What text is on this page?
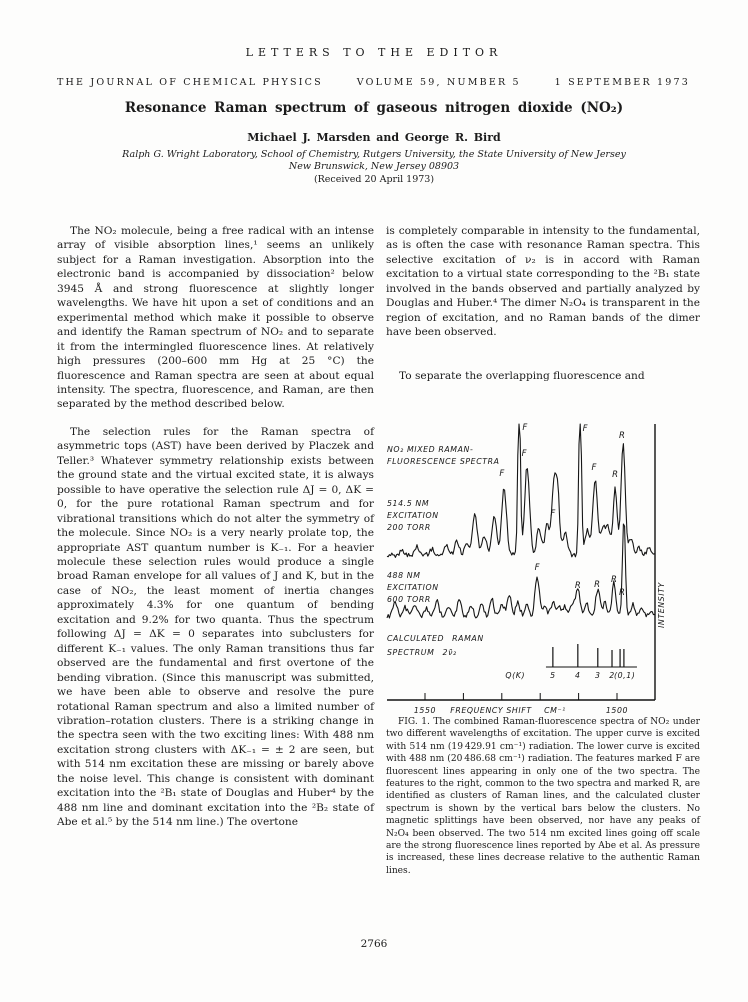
LETTERS TO THE EDITOR
THE JOURNAL OF CHEMICAL PHYSICS	VOLUME 59, NUMBER 5	1 SEPTEMBER 1973
Resonance Raman spectrum of gaseous nitrogen dioxide (NO₂)
Michael J. Marsden and George R. Bird
Ralph G. Wright Laboratory, School of Chemistry, Rutgers University, the State University of New Jersey
New Brunswick, New Jersey 08903
(Received 20 April 1973)

The NO₂ molecule, being a free radical with an intense array of visible absorption lines,¹ seems an unlikely subject for a Raman investigation. Absorption into the electronic band is accompanied by dissociation² below 3945 Å and strong fluorescence at slightly longer wavelengths. We have hit upon a set of conditions and an experimental method which make it possible to observe and identify the Raman spectrum of NO₂ and to separate it from the intermingled fluorescence lines. At relatively high pressures (200–600 mm Hg at 25 °C) the fluorescence and Raman spectra are seen at about equal intensity. The spectra, fluorescence, and Raman, are then separated by the method described below.

The selection rules for the Raman spectra of asymmetric tops (AST) have been derived by Placzek and Teller.³ Whatever symmetry relationship exists between the ground state and the virtual excited state, it is always possible to have operative the selection rule ΔJ = 0, ΔK = 0, for the pure rotational Raman spectrum and for vibrational transitions which do not alter the symmetry of the molecule. Since NO₂ is a very nearly prolate top, the appropriate AST quantum number is K₋₁. For a heavier molecule these selection rules would produce a single broad Raman envelope for all values of J and K, but in the case of NO₂, the least moment of inertia changes approximately 4.3% for one quantum of bending excitation and 9.2% for two quanta. Thus the spectrum following ΔJ = ΔK = 0 separates into subclusters for different K₋₁ values. The only Raman transitions thus far observed are the fundamental and first overtone of the bending vibration. (Since this manuscript was submitted, we have been able to observe and resolve the pure rotational Raman spectrum and also a limited number of vibration–rotation clusters. There is a striking change in the spectra seen with the two exciting lines: With 488 nm excitation strong clusters with ΔK₋₁ = ± 2 are seen, but with 514 nm excitation these are missing or barely above the noise level. This change is consistent with dominant excitation into the ²B₁ state of Douglas and Huber⁴ by the 488 nm line and dominant excitation into the ²B₂ state of Abe et al.⁵ by the 514 nm line.) The overtone

is completely comparable in intensity to the fundamental, as is often the case with resonance Raman spectra. This selective excitation of ν₂ is in accord with Raman excitation to a virtual state corresponding to the ²B₁ state involved in the bands observed and partially analyzed by Douglas and Huber.⁴ The dimer N₂O₄ is transparent in the region of excitation, and no Raman bands of the dimer have been observed.

To separate the overlapping fluorescence and

1550	1500
FREQUENCY SHIFT CM⁻¹
INTENSITY
F
F
F
F
F
F
R
R
F
R R R
R
5 4 3 2 (0,1)
Q(K)
NO₂ MIXED RAMAN-
FLUORESCENCE SPECTRA
514.5 NM
EXCITATION
200 TORR
488 NM
EXCITATION
600 TORR
CALCULATED RAMAN
SPECTRUM 2ν̄₂

FIG. 1. The combined Raman-fluorescence spectra of NO₂ under two different wavelengths of excitation. The upper curve is excited with 514 nm (19 429.91 cm⁻¹) radiation. The lower curve is excited with 488 nm (20 486.68 cm⁻¹) radiation. The features marked F are fluorescent lines appearing in only one of the two spectra. The features to the right, common to the two spectra and marked R, are identified as clusters of Raman lines, and the calculated cluster spectrum is shown by the vertical bars below the clusters. No magnetic splittings have been observed, nor have any peaks of N₂O₄ been observed. The two 514 nm excited lines going off scale are the strong fluorescence lines reported by Abe et al. As pressure is increased, these lines decrease relative to the authentic Raman lines.

2766
